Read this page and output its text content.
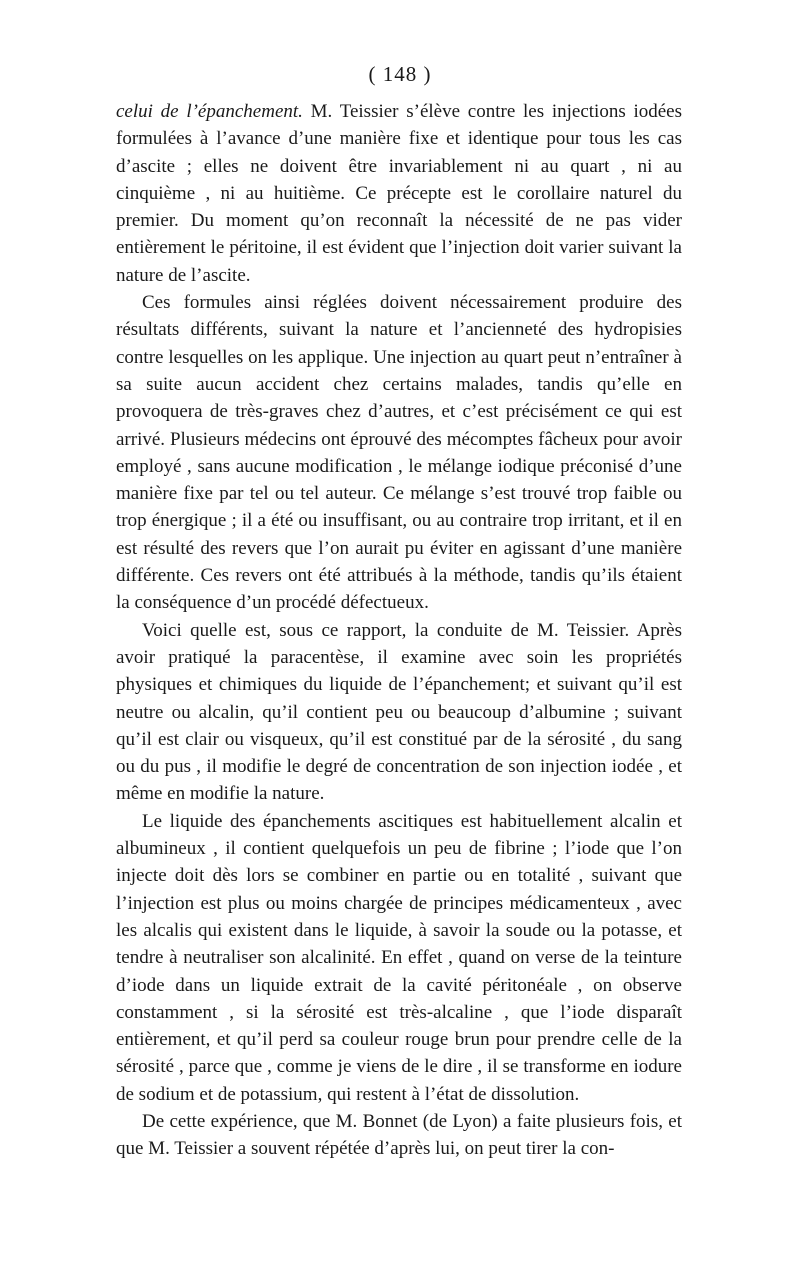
( 148 )

celui de l’épanchement. M. Teissier s’élève contre les injections iodées formulées à l’avance d’une manière fixe et identique pour tous les cas d’ascite ; elles ne doivent être invariablement ni au quart , ni au cinquième , ni au huitième. Ce précepte est le corollaire naturel du premier. Du moment qu’on reconnaît la nécessité de ne pas vider entièrement le péritoine, il est évident que l’injection doit varier suivant la nature de l’ascite.

Ces formules ainsi réglées doivent nécessairement produire des résultats différents, suivant la nature et l’ancienneté des hydropisies contre lesquelles on les applique. Une injection au quart peut n’entraîner à sa suite aucun accident chez certains malades, tandis qu’elle en provoquera de très-graves chez d’autres, et c’est précisément ce qui est arrivé. Plusieurs médecins ont éprouvé des mécomptes fâcheux pour avoir employé , sans aucune modification , le mélange iodique préconisé d’une manière fixe par tel ou tel auteur. Ce mélange s’est trouvé trop faible ou trop énergique ; il a été ou insuffisant, ou au contraire trop irritant, et il en est résulté des revers que l’on aurait pu éviter en agissant d’une manière différente. Ces revers ont été attribués à la méthode, tandis qu’ils étaient la conséquence d’un procédé défectueux.

Voici quelle est, sous ce rapport, la conduite de M. Teissier. Après avoir pratiqué la paracentèse, il examine avec soin les propriétés physiques et chimiques du liquide de l’épanchement; et suivant qu’il est neutre ou alcalin, qu’il contient peu ou beaucoup d’albumine ; suivant qu’il est clair ou visqueux, qu’il est constitué par de la sérosité , du sang ou du pus , il modifie le degré de concentration de son injection iodée , et même en modifie la nature.

Le liquide des épanchements ascitiques est habituellement alcalin et albumineux , il contient quelquefois un peu de fibrine ; l’iode que l’on injecte doit dès lors se combiner en partie ou en totalité , suivant que l’injection est plus ou moins chargée de principes médicamenteux , avec les alcalis qui existent dans le liquide, à savoir la soude ou la potasse, et tendre à neutraliser son alcalinité. En effet , quand on verse de la teinture d’iode dans un liquide extrait de la cavité péritonéale , on observe constamment , si la sérosité est très-alcaline , que l’iode disparaît entièrement, et qu’il perd sa couleur rouge brun pour prendre celle de la sérosité , parce que , comme je viens de le dire , il se transforme en iodure de sodium et de potassium, qui restent à l’état de dissolution.

De cette expérience, que M. Bonnet (de Lyon) a faite plusieurs fois, et que M. Teissier a souvent répétée d’après lui, on peut tirer la con-
